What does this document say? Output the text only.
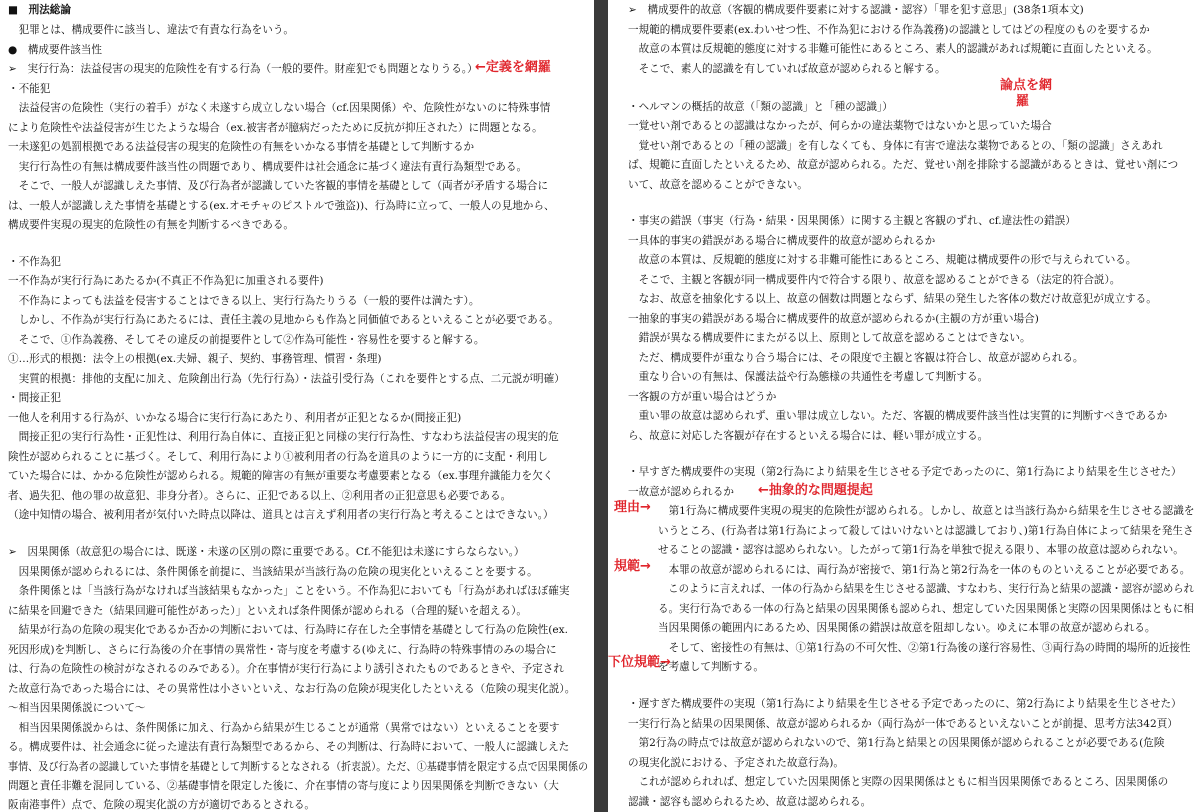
■　刑法総論
　犯罪とは、構成要件に該当し、違法で有責な行為をいう。
●　構成要件該当性
➢　実行行為：法益侵害の現実的危険性を有する行為（一般的要件。財産犯でも問題となりうる。）
・不能犯
　法益侵害の危険性（実行の着手）がなく未遂すら成立しない場合（cf.因果関係）や、危険性がないのに特殊事情
により危険性や法益侵害が生じたような場合（ex.被害者が臆病だったために反抗が抑圧された）に問題となる。
一未遂犯の処罰根拠である法益侵害の現実的危険性の有無をいかなる事情を基礎として判断するか
　実行行為性の有無は構成要件該当性の問題であり、構成要件は社会通念に基づく違法有責行為類型である。
　そこで、一般人が認識しえた事情、及び行為者が認識していた客観的事情を基礎として（両者が矛盾する場合に
は、一般人が認識しえた事情を基礎とする(ex.オモチャのピストルで強盗))、行為時に立って、一般人の見地から、
構成要件実現の現実的危険性の有無を判断するべきである。
・不作為犯
一不作為が実行行為にあたるか(不真正不作為犯に加重される要件)
　不作為によっても法益を侵害することはできる以上、実行行為たりうる（一般的要件は満たす）。
　しかし、不作為が実行行為にあたるには、責任主義の見地からも作為と同価値であるといえることが必要である。
　そこで、①作為義務、そしてその違反の前提要件として②作為可能性・容易性を要すると解する。
①…形式的根拠：法令上の根拠(ex.夫婦、親子、契約、事務管理、慣習・条理)
　実質的根拠：排他的支配に加え、危険創出行為（先行行為）・法益引受行為（これを要件とする点、二元説が明確）
・間接正犯
一他人を利用する行為が、いかなる場合に実行行為にあたり、利用者が正犯となるか(間接正犯)
　間接正犯の実行行為性・正犯性は、利用行為自体に、直接正犯と同様の実行行為性、すなわち法益侵害の現実的危
険性が認められることに基づく。そして、利用行為により①被利用者の行為を道具のように一方的に支配・利用し
ていた場合には、かかる危険性が認められる。規範的障害の有無が重要な考慮要素となる（ex.事理弁識能力を欠く
者、過失犯、他の罪の故意犯、非身分者）。さらに、正犯である以上、②利用者の正犯意思も必要である。
（途中知情の場合、被利用者が気付いた時点以降は、道具とは言えず利用者の実行行為と考えることはできない。）
➢　因果関係（故意犯の場合には、既遂・未遂の区別の際に重要である。Cf.不能犯は未遂にすらならない。）
　因果関係が認められるには、条件関係を前提に、当該結果が当該行為の危険の現実化といえることを要する。
　条件関係とは「当該行為がなければ当該結果もなかった」ことをいう。不作為犯においても「行為があればほぼ確実
に結果を回避できた（結果回避可能性があった）」といえれば条件関係が認められる（合理的疑いを超える）。
　結果が行為の危険の現実化であるか否かの判断においては、行為時に存在した全事情を基礎として行為の危険性(ex.
死因形成)を判断し、さらに行為後の介在事情の異常性・寄与度を考慮する(ゆえに、行為時の特殊事情のみの場合に
は、行為の危険性の検討がなされるのみである）。介在事情が実行行為により誘引されたものであるときや、予定され
た故意行為であった場合には、その異常性は小さいといえ、なお行為の危険が現実化したといえる（危険の現実化説）。
～相当因果関係説について～
　相当因果関係説からは、条件関係に加え、行為から結果が生じることが通常（異常ではない）といえることを要す
る。構成要件は、社会通念に従った違法有責行為類型であるから、その判断は、行為時において、一般人に認識しえた
事情、及び行為者の認識していた事情を基礎として判断するとなされる（折衷説）。ただ、①基礎事情を限定する点で因果関係の
問題と責任非難を混同している、②基礎事情を限定した後に、介在事情の寄与度により因果関係を判断できない（大
阪南港事件）点で、危険の現実化説の方が適切であるとされる。
←定義を網羅
➢　構成要件的故意（客観的構成要件要素に対する認識・認容）「罪を犯す意思」(38条1項本文)
一規範的構成要件要素(ex.わいせつ性、不作為犯における作為義務)の認識としてはどの程度のものを要するか
　故意の本質は反規範的態度に対する非難可能性にあるところ、素人的認識があれば規範に直面したといえる。
　そこで、素人的認識を有していれば故意が認められると解する。
・ヘルマンの概括的故意（「類の認識」と「種の認識」）
一覚せい剤であるとの認識はなかったが、何らかの違法薬物ではないかと思っていた場合
　覚せい剤であるとの「種の認識」を有しなくても、身体に有害で違法な薬物であるとの、「類の認識」さえあれ
ば、規範に直面したといえるため、故意が認められる。ただ、覚せい剤を排除する認識があるときは、覚せい剤につ
いて、故意を認めることができない。
・事実の錯誤（事実（行為・結果・因果関係）に関する主観と客観のずれ、cf.違法性の錯誤）
一具体的事実の錯誤がある場合に構成要件的故意が認められるか
　故意の本質は、反規範的態度に対する非難可能性にあるところ、規範は構成要件の形で与えられている。
　そこで、主観と客観が同一構成要件内で符合する限り、故意を認めることができる（法定的符合説）。
　なお、故意を抽象化する以上、故意の個数は問題とならず、結果の発生した客体の数だけ故意犯が成立する。
一抽象的事実の錯誤がある場合に構成要件的故意が認められるか(主観の方が重い場合)
　錯誤が異なる構成要件にまたがる以上、原則として故意を認めることはできない。
　ただ、構成要件が重なり合う場合には、その限度で主観と客観は符合し、故意が認められる。
　重なり合いの有無は、保護法益や行為態様の共通性を考慮して判断する。
一客観の方が重い場合はどうか
　重い罪の故意は認められず、重い罪は成立しない。ただ、客観的構成要件該当性は実質的に判断すべきであるか
ら、故意に対応した客観が存在するといえる場合には、軽い罪が成立する。
・早すぎた構成要件の実現（第2行為により結果を生じさせる予定であったのに、第1行為により結果を生じさせた）
一故意が認められるか
　第1行為に構成要件実現の現実的危険性が認められる。しかし、故意とは当該行為から結果を生じさせる認識を
いうところ、(行為者は第1行為によって殺してはいけないとは認識しており、)第1行為自体によって結果を発生さ
せることの認識・認容は認められない。したがって第1行為を単独で捉える限り、本罪の故意は認められない。
　本罪の故意が認められるには、両行為が密接で、第1行為と第2行為を一体のものといえることが必要である。
　このように言えれば、一体の行為から結果を生じさせる認識、すなわち、実行行為と結果の認識・認容が認められ
る。実行行為である一体の行為と結果の因果関係も認められ、想定していた因果関係と実際の因果関係はともに相
当因果関係の範囲内にあるため、因果関係の錯誤は故意を阻却しない。ゆえに本罪の故意が認められる。
　そして、密接性の有無は、①第1行為の不可欠性、②第1行為後の遂行容易性、③両行為の時間的場所的近接性
を考慮して判断する。
・遅すぎた構成要件の実現（第1行為により結果を生じさせる予定であったのに、第2行為により結果を生じさせた）
一実行行為と結果の因果関係、故意が認められるか（両行為が一体であるといえないことが前提、思考方法342頁）
　第2行為の時点では故意が認められないので、第1行為と結果との因果関係が認められることが必要である(危険
の現実化説における、予定された故意行為)。
　これが認められれば、想定していた因果関係と実際の因果関係はともに相当因果関係であるところ、因果関係の
認識・認容も認められるため、故意は認められる。
論点を網
羅
←抽象的な問題提起
理由→
規範→
下位規範→
